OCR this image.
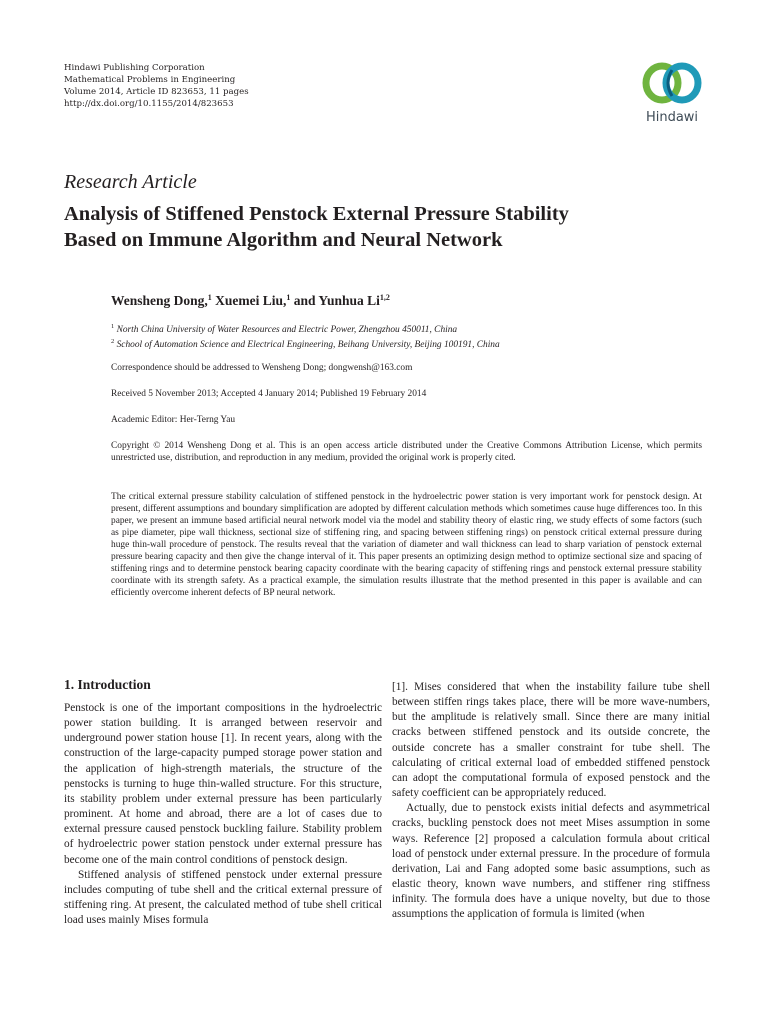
Hindawi Publishing Corporation
Mathematical Problems in Engineering
Volume 2014, Article ID 823653, 11 pages
http://dx.doi.org/10.1155/2014/823653
Hindawi
Research Article
Analysis of Stiffened Penstock External Pressure Stability
Based on Immune Algorithm and Neural Network
Wensheng Dong,$^1$ Xuemei Liu,$^1$ and Yunhua Li$^{1,2}$
$^1$ North China University of Water Resources and Electric Power, Zhengzhou 450011, China
$^2$ School of Automation Science and Electrical Engineering, Beihang University, Beijing 100191, China
Correspondence should be addressed to Wensheng Dong; dongwensh@163.com
Received 5 November 2013; Accepted 4 January 2014; Published 19 February 2014
Academic Editor: Her-Terng Yau

Copyright © 2014 Wensheng Dong et al. This is an open access article distributed under the Creative Commons Attribution License, which permits unrestricted use, distribution, and reproduction in any medium, provided the original work is properly cited.

The critical external pressure stability calculation of stiffened penstock in the hydroelectric power station is very important work for penstock design. At present, different assumptions and boundary simplification are adopted by different calculation methods which sometimes cause huge differences too. In this paper, we present an immune based artificial neural network model via the model and stability theory of elastic ring, we study effects of some factors (such as pipe diameter, pipe wall thickness, sectional size of stiffening ring, and spacing between stiffening rings) on penstock critical external pressure during huge thin-wall procedure of penstock. The results reveal that the variation of diameter and wall thickness can lead to sharp variation of penstock external pressure bearing capacity and then give the change interval of it. This paper presents an optimizing design method to optimize sectional size and spacing of stiffening rings and to determine penstock bearing capacity coordinate with the bearing capacity of stiffening rings and penstock external pressure stability coordinate with its strength safety. As a practical example, the simulation results illustrate that the method presented in this paper is available and can efficiently overcome inherent defects of BP neural network.

1. Introduction

Penstock is one of the important compositions in the hydroelectric power station building. It is arranged between reservoir and underground power station house [1]. In recent years, along with the construction of the large-capacity pumped storage power station and the application of high-strength materials, the structure of the penstocks is turning to huge thin-walled structure. For this structure, its stability problem under external pressure has been particularly prominent. At home and abroad, there are a lot of cases due to external pressure caused penstock buckling failure. Stability problem of hydroelectric power station penstock under external pressure has become one of the main control conditions of penstock design.

Stiffened analysis of stiffened penstock under external pressure includes computing of tube shell and the critical external pressure of stiffening ring. At present, the calculated method of tube shell critical load uses mainly Mises formula

[1]. Mises considered that when the instability failure tube shell between stiffen rings takes place, there will be more wave-numbers, but the amplitude is relatively small. Since there are many initial cracks between stiffened penstock and its outside concrete, the outside concrete has a smaller constraint for tube shell. The calculating of critical external load of embedded stiffened penstock can adopt the computational formula of exposed penstock and the safety coefficient can be appropriately reduced.

Actually, due to penstock exists initial defects and asymmetrical cracks, buckling penstock does not meet Mises assumption in some ways. Reference [2] proposed a calculation formula about critical load of penstock under external pressure. In the procedure of formula derivation, Lai and Fang adopted some basic assumptions, such as elastic theory, known wave numbers, and stiffener ring stiffness infinity. The formula does have a unique novelty, but due to those assumptions the application of formula is limited (when
